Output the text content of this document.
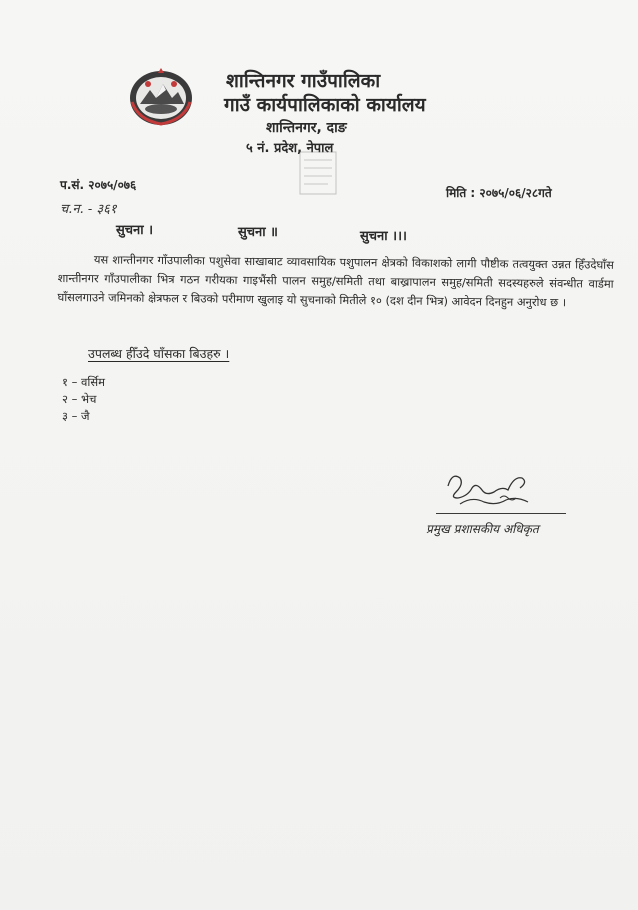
शान्तिनगर गाउँपालिका

गाउँ कार्यपालिकाको कार्यालय

शान्तिनगर, दाङ
५ नं. प्रदेश, नेपाल
प.सं. २०७५/०७६
मिति : २०७५/०६/२८गते
च.न. - ३६१
सुचना ।	सुचना ॥	सुचना ।।।
यस शान्तीनगर गाँउपालीका पशुसेवा साखाबाट व्यावसायिक पशुपालन क्षेत्रको विकाशको लागी पौष्टीक तत्वयुक्त उन्नत हिँउदेघाँस शान्तीनगर गाँउपालीका भित्र गठन गरीयका गाइभैंसी पालन समुह/समिती तथा बाख्रापालन समुह/समिती सदस्यहरुले संवन्धीत वार्डमा घाँसलगाउने जमिनको क्षेत्रफल र बिउको परीमाण खुलाइ यो सुचनाको मितीले १० (दश दीन भित्र) आवेदन दिनहुन अनुरोध छ ।
उपलब्ध हीँउदे घाँसका बिउहरु ।
१ – वर्सिम
२ – भेच
३ – जै
प्रमुख प्रशासकीय अधिकृत
